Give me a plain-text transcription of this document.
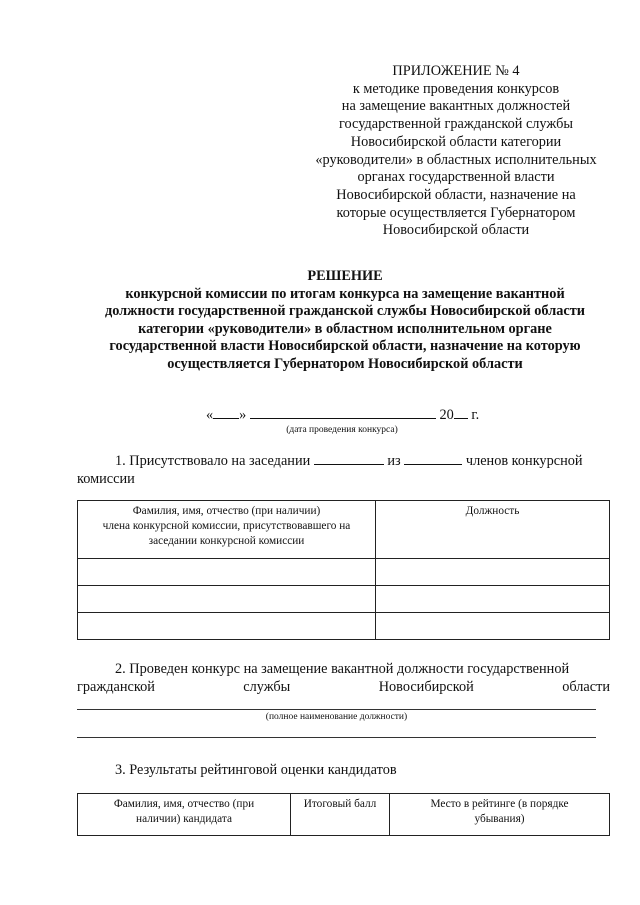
ПРИЛОЖЕНИЕ № 4
к методике проведения конкурсов
на замещение вакантных должностей
государственной гражданской службы
Новосибирской области категории
«руководители» в областных исполнительных
органах государственной власти
Новосибирской области, назначение на
которые осуществляется Губернатором
Новосибирской области
РЕШЕНИЕ
конкурсной комиссии по итогам конкурса на замещение вакантной
должности государственной гражданской службы Новосибирской области
категории «руководители» в областном исполнительном органе
государственной власти Новосибирской области, назначение на которую
осуществляется Губернатором Новосибирской области
« »	20 г.
(дата проведения конкурса)
1. Присутствовало на заседании	из	членов конкурсной
комиссии
Фамилия, имя, отчество (при наличии)
члена конкурсной комиссии, присутствовавшего на
заседании конкурсной комиссии	Должность

2. Проведен конкурс на замещение вакантной должности государственной
гражданской	службы	Новосибирской	области
(полное наименование должности)
3. Результаты рейтинговой оценки кандидатов
Фамилия, имя, отчество (при
наличии) кандидата
	Итоговый балл	Место в рейтинге (в порядке
убывания)
